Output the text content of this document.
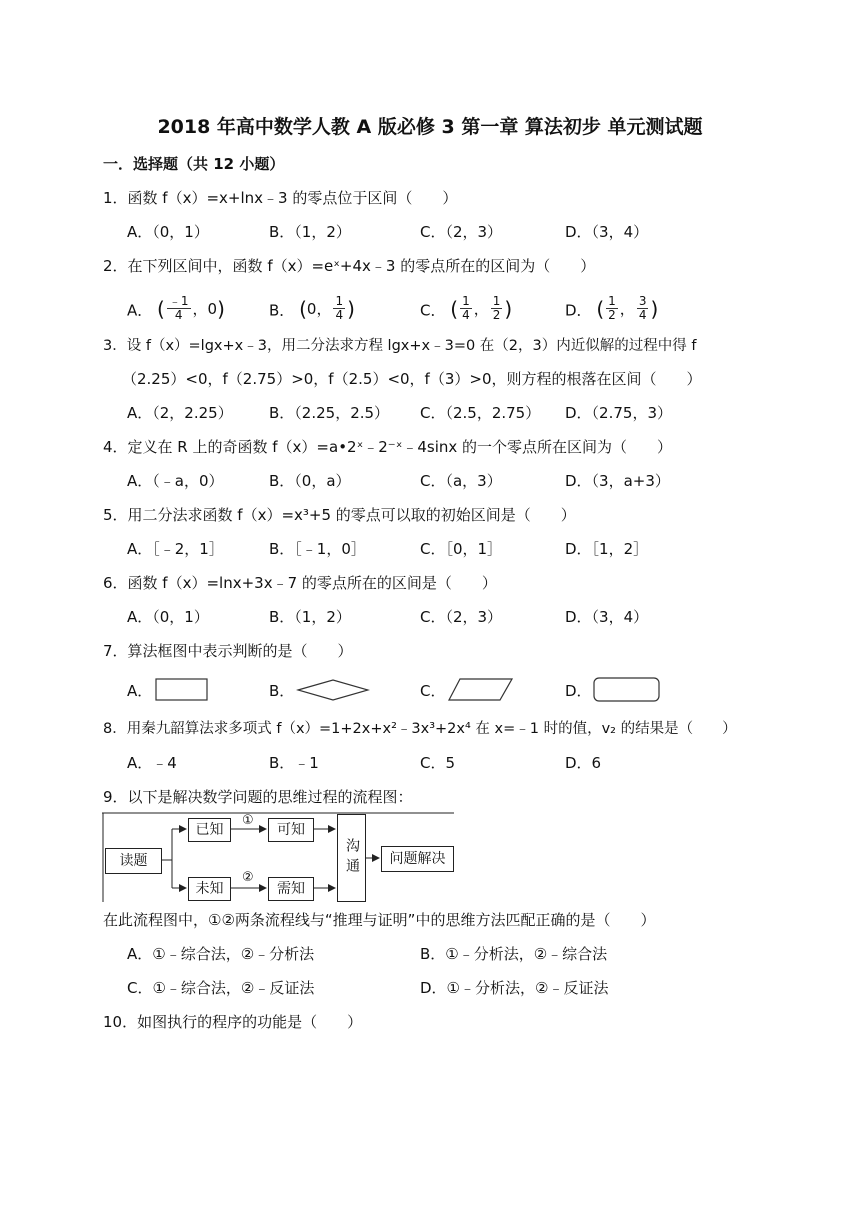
2018 年高中数学人教 A 版必修 3 第一章 算法初步 单元测试题
一．选择题（共 12 小题）
1．函数 f（x）=x+lnx﹣3 的零点位于区间（　　）
A．（0，1）	B．（1，2）	C．（2，3）	D．（3，4）
2．在下列区间中，函数 f（x）=eˣ+4x﹣3 的零点所在的区间为（　　）
A． ( $\frac{﹣1}{4}$ ， 0 )	B． ( 0 ， $\frac{1}{4}$ )	C． ( $\frac{1}{4}$ ， $\frac{1}{2}$ )	D． ( $\frac{1}{2}$ ， $\frac{3}{4}$ )
3．设 f（x）=lgx+x﹣3，用二分法求方程 lgx+x﹣3=0 在（2，3）内近似解的过程中得 f
（2.25）<0，f（2.75）>0，f（2.5）<0，f（3）>0，则方程的根落在区间（　　）
A．（2，2.25） B．（2.25，2.5） C．（2.5，2.75） D．（2.75，3）
4．定义在 R 上的奇函数 f（x）=a•2ˣ﹣2⁻ˣ﹣4sinx 的一个零点所在区间为（　　）
A．（﹣a，0）	B．（0，a）	C．（a，3）	D．（3，a+3）
5．用二分法求函数 f（x）=x³+5 的零点可以取的初始区间是（　　）
A．［﹣2，1］	B．［﹣1，0］	C．［0，1］	D．［1，2］
6．函数 f（x）=lnx+3x﹣7 的零点所在的区间是（　　）
A．（0，1）	B．（1，2）	C．（2，3）	D．（3，4）
7．算法框图中表示判断的是（　　）
A．	B．	C．	D．
8．用秦九韶算法求多项式 f（x）=1+2x+x²﹣3x³+2x⁴ 在 x=﹣1 时的值，v₂ 的结果是（　　）
A．﹣4	B．﹣1	C．5	D．6
9．以下是解决数学问题的思维过程的流程图：
读题
已知
未知
①
②
可知
需知
沟通	问题解决
在此流程图中，①②两条流程线与“推理与证明”中的思维方法匹配正确的是（　　）
A．①﹣综合法，②﹣分析法	B．①﹣分析法，②﹣综合法
C．①﹣综合法，②﹣反证法	D．①﹣分析法，②﹣反证法
10．如图执行的程序的功能是（　　）
